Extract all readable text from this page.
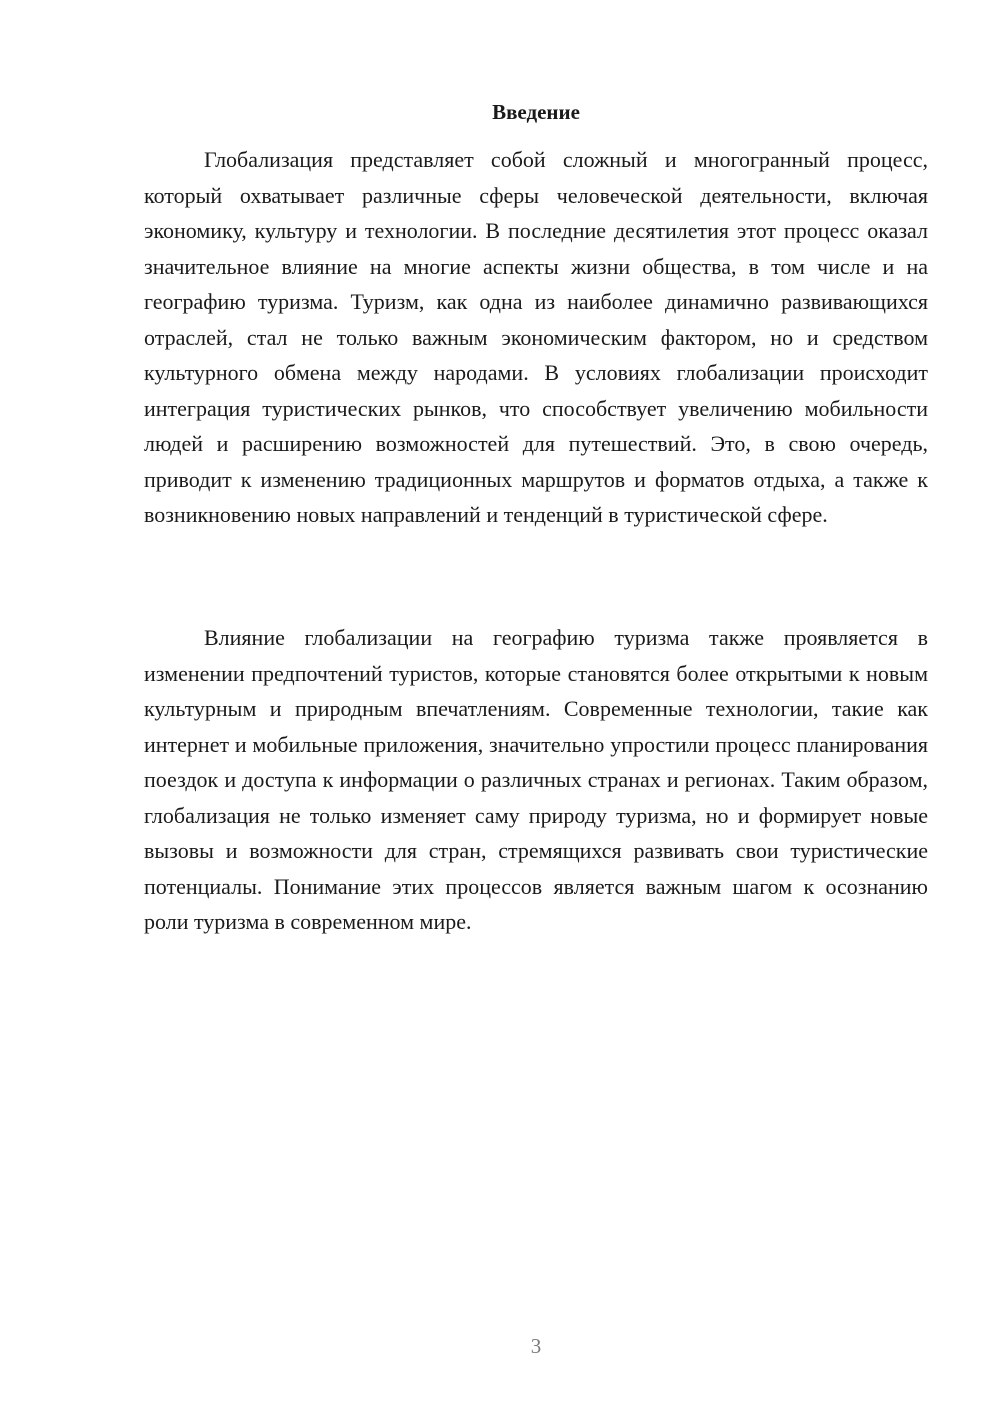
Введение

Глобализация представляет собой сложный и многогранный процесс, который охватывает различные сферы человеческой деятельности, включая экономику, культуру и технологии. В последние десятилетия этот процесс оказал значительное влияние на многие аспекты жизни общества, в том числе и на географию туризма. Туризм, как одна из наиболее динамично развивающихся отраслей, стал не только важным экономическим фактором, но и средством культурного обмена между народами. В условиях глобализации происходит интеграция туристических рынков, что способствует увеличению мобильности людей и расширению возможностей для путешествий. Это, в свою очередь, приводит к изменению традиционных маршрутов и форматов отдыха, а также к возникновению новых направлений и тенденций в туристической сфере.

Влияние глобализации на географию туризма также проявляется в изменении предпочтений туристов, которые становятся более открытыми к новым культурным и природным впечатлениям. Современные технологии, такие как интернет и мобильные приложения, значительно упростили процесс планирования поездок и доступа к информации о различных странах и регионах. Таким образом, глобализация не только изменяет саму природу туризма, но и формирует новые вызовы и возможности для стран, стремящихся развивать свои туристические потенциалы. Понимание этих процессов является важным шагом к осознанию роли туризма в современном мире.

3
